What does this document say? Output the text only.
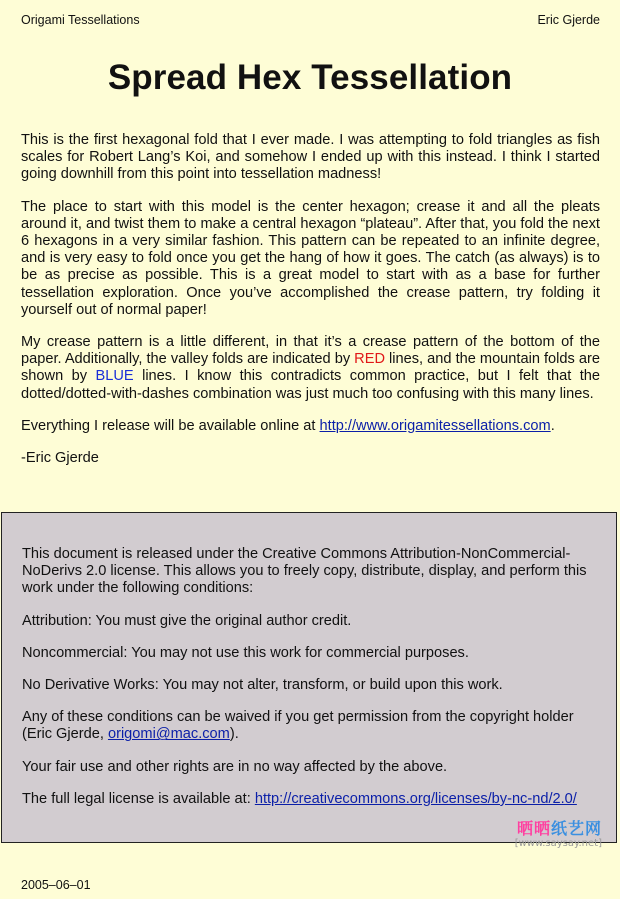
Origami Tessellations	Eric Gjerde
Spread Hex Tessellation

This is the first hexagonal fold that I ever made. I was attempting to fold triangles as fish scales for Robert Lang’s Koi, and somehow I ended up with this instead. I think I started going downhill from this point into tessellation madness!

The place to start with this model is the center hexagon; crease it and all the pleats around it, and twist them to make a central hexagon “plateau”. After that, you fold the next 6 hexagons in a very similar fashion. This pattern can be repeated to an infinite degree, and is very easy to fold once you get the hang of how it goes. The catch (as always) is to be as precise as possible. This is a great model to start with as a base for further tessellation exploration. Once you’ve accomplished the crease pattern, try folding it yourself out of normal paper!

My crease pattern is a little different, in that it’s a crease pattern of the bottom of the paper. Additionally, the valley folds are indicated by RED lines, and the mountain folds are shown by BLUE lines. I know this contradicts common practice, but I felt that the dotted/dotted-with-dashes combination was just much too confusing with this many lines.

Everything I release will be available online at http://www.origamitessellations.com.

-Eric Gjerde

This document is released under the Creative Commons Attribution-NonCommercial-NoDerivs 2.0 license. This allows you to freely copy, distribute, display, and perform this work under the following conditions:

Attribution: You must give the original author credit.

Noncommercial: You may not use this work for commercial purposes.

No Derivative Works: You may not alter, transform, or build upon this work.

Any of these conditions can be waived if you get permission from the copyright holder (Eric Gjerde, origomi@mac.com).

Your fair use and other rights are in no way affected by the above.

The full legal license is available at: http://creativecommons.org/licenses/by-nc-nd/2.0/

晒晒纸艺网
[www.saysay.net]
2005–06–01
